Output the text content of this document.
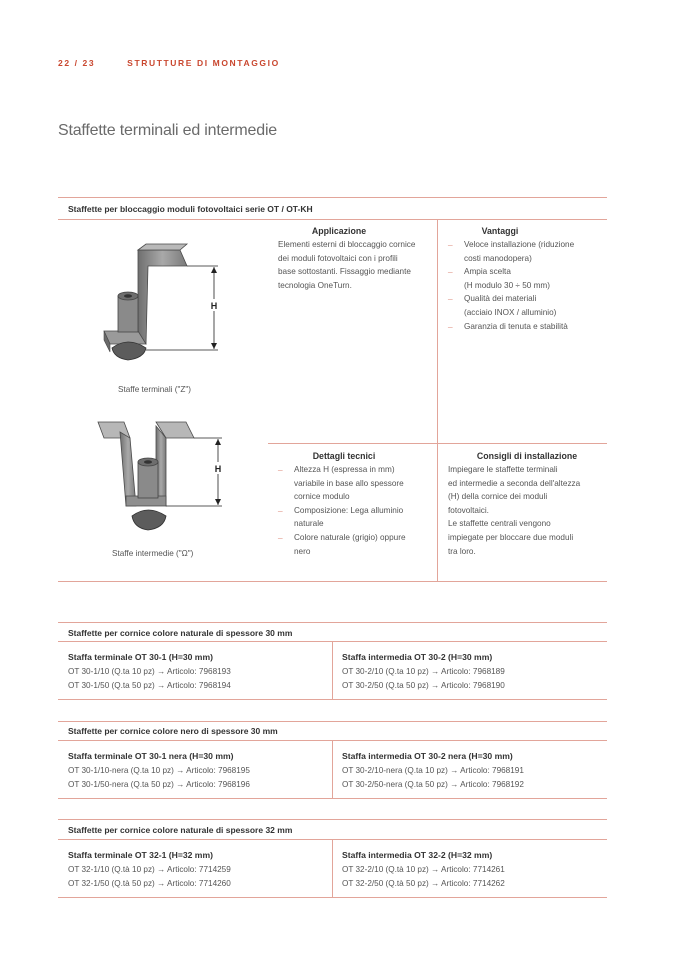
22 / 23	STRUTTURE DI MONTAGGIO
Staffette terminali ed intermedie
Staffette per bloccaggio moduli fotovoltaici serie OT / OT-KH
Applicazione
Elementi esterni di bloccaggio cornice
dei moduli fotovoltaici con i profili
base sottostanti. Fissaggio mediante
tecnologia OneTurn.
Vantaggi
_ Veloce installazione (riduzione
costi manodopera)
_ Ampia scelta
(H modulo 30 ÷ 50 mm)
_ Qualità dei materiali
(acciaio INOX / alluminio)
_ Garanzia di tenuta e stabilità
Dettagli tecnici
_ Altezza H (espressa in mm)
variabile in base allo spessore
cornice modulo
_ Composizione: Lega alluminio
naturale
_ Colore naturale (grigio) oppure
nero
Consigli di installazione
Impiegare le staffette terminali
ed intermedie a seconda dell'altezza
(H) della cornice dei moduli
fotovoltaici.
Le staffette centrali vengono
impiegate per bloccare due moduli
tra loro.
H
Staffe terminali ("Z")
H
Staffe intermedie ("Ω")
Staffette per cornice colore naturale di spessore 30 mm
Staffa terminale OT 30-1 (H=30 mm)
OT 30-1/10 (Q.ta 10 pz) → Articolo: 7968193
OT 30-1/50 (Q.ta 50 pz) → Articolo: 7968194
Staffa intermedia OT 30-2 (H=30 mm)
OT 30-2/10 (Q.ta 10 pz) → Articolo: 7968189
OT 30-2/50 (Q.ta 50 pz) → Articolo: 7968190
Staffette per cornice colore nero di spessore 30 mm
Staffa terminale OT 30-1 nera (H=30 mm)
OT 30-1/10-nera (Q.ta 10 pz) → Articolo: 7968195
OT 30-1/50-nera (Q.ta 50 pz) → Articolo: 7968196
Staffa intermedia OT 30-2 nera (H=30 mm)
OT 30-2/10-nera (Q.ta 10 pz) → Articolo: 7968191
OT 30-2/50-nera (Q.ta 50 pz) → Articolo: 7968192
Staffette per cornice colore naturale di spessore 32 mm
Staffa terminale OT 32-1 (H=32 mm)
OT 32-1/10 (Q.tà 10 pz) → Articolo: 7714259
OT 32-1/50 (Q.tà 50 pz) → Articolo: 7714260
Staffa intermedia OT 32-2 (H=32 mm)
OT 32-2/10 (Q.tà 10 pz) → Articolo: 7714261
OT 32-2/50 (Q.tà 50 pz) → Articolo: 7714262
